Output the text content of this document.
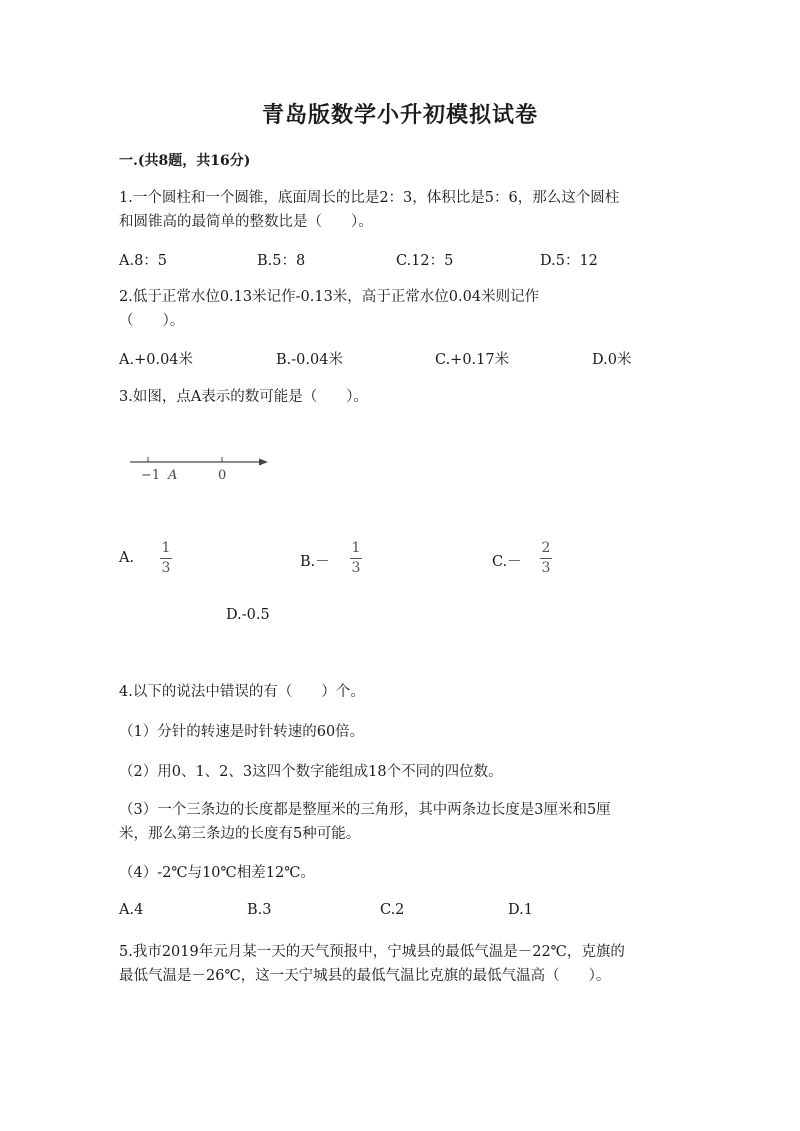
青岛版数学小升初模拟试卷
一.(共8题，共16分)
1.一个圆柱和一个圆锥，底面周长的比是2：3，体积比是5：6，那么这个圆柱
和圆锥高的最简单的整数比是（　　）。
A.8：5	B.5：8	C.12：5	D.5：12
2.低于正常水位0.13米记作-0.13米，高于正常水位0.04米则记作
（　　）。
A.+0.04米	B.-0.04米	C.+0.17米	D.0米
3.如图，点A表示的数可能是（　　）。
−1 A	0
A.
1
3	B.－
1
3	C.－
2
3
D.-0.5
4.以下的说法中错误的有（　　）个。
（1）分针的转速是时针转速的60倍。
（2）用0、1、2、3这四个数字能组成18个不同的四位数。
（3）一个三条边的长度都是整厘米的三角形，其中两条边长度是3厘米和5厘
米，那么第三条边的长度有5种可能。
（4）-2℃与10℃相差12℃。
A.4	B.3	C.2	D.1
5.我市2019年元月某一天的天气预报中，宁城县的最低气温是－22℃，克旗的
最低气温是－26℃，这一天宁城县的最低气温比克旗的最低气温高（　　）。
